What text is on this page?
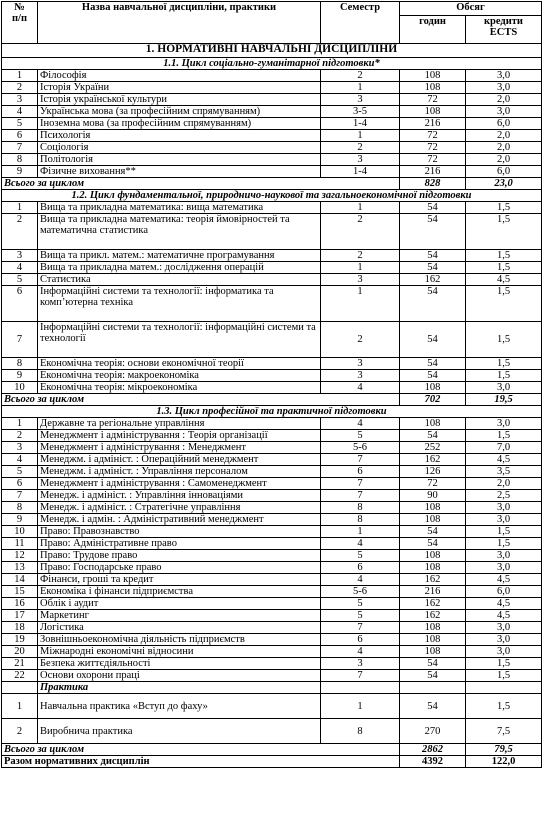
№
п/п	Назва навчальної дисципліни, практики	Семестр	Обсяг	
			годин	кредити
ECTS
1. НОРМАТИВНІ НАВЧАЛЬНІ ДИСЦИПЛІНИ				
1.1. Цикл соціально-гуманітарної підготовки*				
1	Філософія	2	108	3,0
2	Історія України	1	108	3,0
3	Історія української культури	3	72	2,0
4	Українська мова (за професійним спрямуванням)	3-5	108	3,0
5	Іноземна мова (за професійним спрямуванням)	1-4	216	6,0
6	Психологія	1	72	2,0
7	Соціологія	2	72	2,0
8	Політологія	3	72	2,0
9	Фізичне виховання**	1-4	216	6,0
Всього за циклом			828	23,0
1.2. Цикл фундаментальної, природничо-наукової та загальноекономічної підготовки				
1	Вища та прикладна математика: вища математика	1	54	1,5
2	Вища та прикладна математика: теорія ймовірностей та математична статистика	2	54	1,5
3	Вища та прикл. матем.: математичне програмування	2	54	1,5
4	Вища та прикладна матем.: дослідження операцій	1	54	1,5
5	Статистика	3	162	4,5
6	Інформаційні системи та технології: інформатика та комп’ютерна техніка	1	54	1,5
7	Інформаційні системи та технології: інформаційні системи та технології	2	54	1,5
8	Економічна теорія: основи економічної теорії	3	54	1,5
9	Економічна теорія: макроекономіка	3	54	1,5
10	Економічна теорія: мікроекономіка	4	108	3,0
Всього за циклом			702	19,5
1.3. Цикл професійної та практичної підготовки				
1	Державне та регіональне управління	4	108	3,0
2	Менеджмент і адміністрування : Теорія організації	5	54	1,5
3	Менеджмент і адміністрування : Менеджмент	5-6	252	7,0
4	Менеджм. і адмініст. : Операційний менеджмент	7	162	4,5
5	Менеджм. і адмініст. : Управління персоналом	6	126	3,5
6	Менеджмент і адміністрування : Самоменеджмент	7	72	2,0
7	Менедж. і адмініст. : Управління інноваціями	7	90	2,5
8	Менедж. і адмініст. : Стратегічне управління	8	108	3,0
9	Менедж. і адмін. : Адміністративний менеджмент	8	108	3,0
10	Право: Правознавство	1	54	1,5
11	Право: Адміністративне право	4	54	1,5
12	Право: Трудове право	5	108	3,0
13	Право: Господарське право	6	108	3,0
14	Фінанси, гроші та кредит	4	162	4,5
15	Економіка і фінанси підприємства	5-6	216	6,0
16	Облік і аудит	5	162	4,5
17	Маркетинг	5	162	4,5
18	Логістика	7	108	3,0
19	Зовнішньоекономічна діяльність підприємств	6	108	3,0
20	Міжнародні економічні відносини	4	108	3,0
21	Безпека життєдіяльності	3	54	1,5
22	Основи охорони праці	7	54	1,5
	Практика			
1	Навчальна практика «Вступ до фаху»	1	54	1,5
2	Виробнича практика	8	270	7,5
Всього за циклом			2862	79,5
Разом нормативних дисциплін			4392	122,0
